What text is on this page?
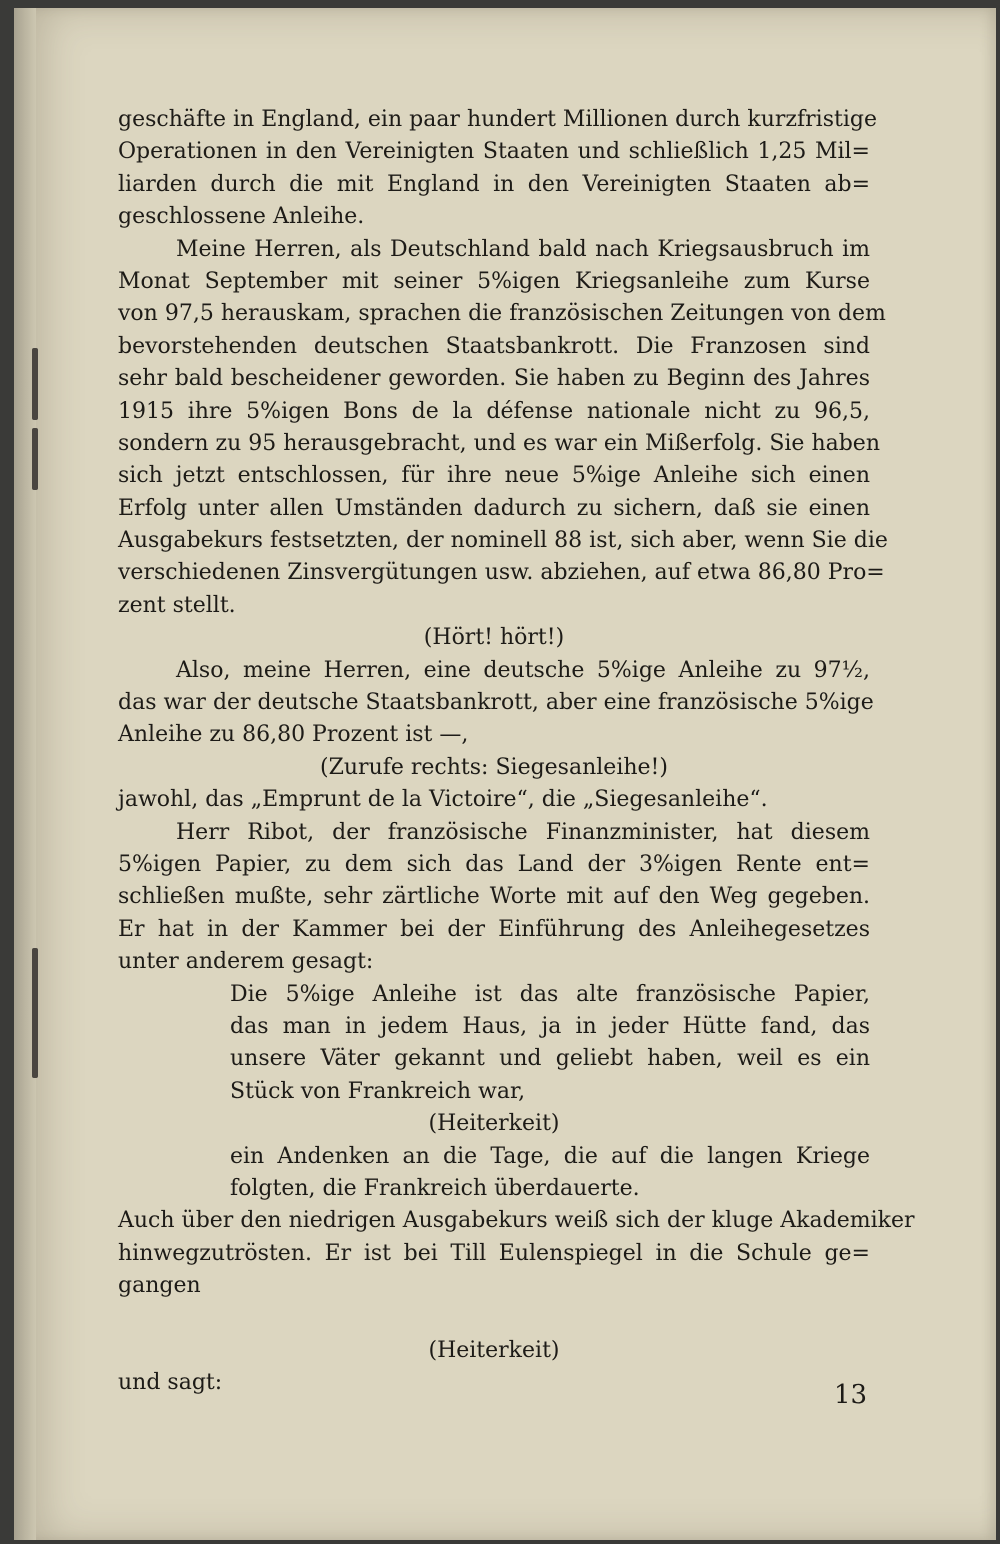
geschäfte in England, ein paar hundert Millionen durch kurzfristige
Operationen in den Vereinigten Staaten und schließlich 1,25 Mil=
liarden durch die mit England in den Vereinigten Staaten ab=
geschlossene Anleihe.
Meine Herren, als Deutschland bald nach Kriegsausbruch im
Monat September mit seiner 5%igen Kriegsanleihe zum Kurse
von 97,5 herauskam, sprachen die französischen Zeitungen von dem
bevorstehenden deutschen Staatsbankrott. Die Franzosen sind
sehr bald bescheidener geworden. Sie haben zu Beginn des Jahres
1915 ihre 5%igen Bons de la défense nationale nicht zu 96,5,
sondern zu 95 herausgebracht, und es war ein Mißerfolg. Sie haben
sich jetzt entschlossen, für ihre neue 5%ige Anleihe sich einen
Erfolg unter allen Umständen dadurch zu sichern, daß sie einen
Ausgabekurs festsetzten, der nominell 88 ist, sich aber, wenn Sie die
verschiedenen Zinsvergütungen usw. abziehen, auf etwa 86,80 Pro=
zent stellt.
(Hört! hört!)
Also, meine Herren, eine deutsche 5%ige Anleihe zu 97½,
das war der deutsche Staatsbankrott, aber eine französische 5%ige
Anleihe zu 86,80 Prozent ist —,
(Zurufe rechts: Siegesanleihe!)
jawohl, das „Emprunt de la Victoire“, die „Siegesanleihe“.
Herr Ribot, der französische Finanzminister, hat diesem
5%igen Papier, zu dem sich das Land der 3%igen Rente ent=
schließen mußte, sehr zärtliche Worte mit auf den Weg gegeben.
Er hat in der Kammer bei der Einführung des Anleihegesetzes
unter anderem gesagt:
Die 5%ige Anleihe ist das alte französische Papier,
das man in jedem Haus, ja in jeder Hütte fand, das
unsere Väter gekannt und geliebt haben, weil es ein
Stück von Frankreich war,
(Heiterkeit)
ein Andenken an die Tage, die auf die langen Kriege
folgten, die Frankreich überdauerte.
Auch über den niedrigen Ausgabekurs weiß sich der kluge Akademiker
hinwegzutrösten. Er ist bei Till Eulenspiegel in die Schule ge=
gangen
(Heiterkeit)
und sagt:	13
